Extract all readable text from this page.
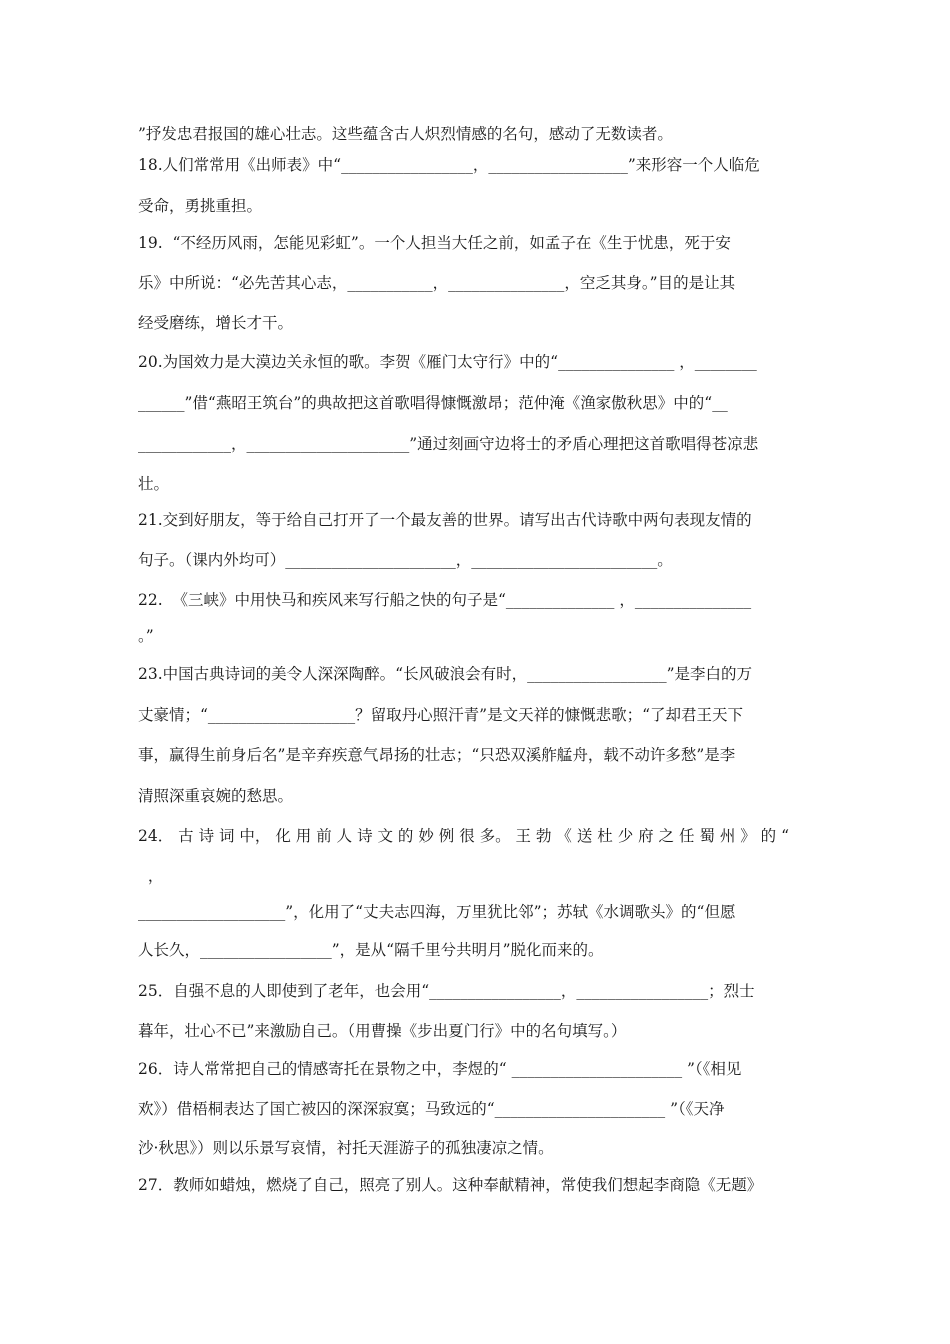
”抒发忠君报国的雄心壮志。这些蕴含古人炽烈情感的名句，感动了无数读者。
18.人们常常用《出师表》中“_________________，__________________”来形容一个人临危
受命，勇挑重担。
19.  “不经历风雨，怎能见彩虹”。一个人担当大任之前，如孟子在《生于忧患，死于安
乐》中所说：“必先苦其心志，___________，_______________，空乏其身。”目的是让其
经受磨练，增长才干。
20.为国效力是大漠边关永恒的歌。李贺《雁门太守行》中的“_______________ ，________
______”借“燕昭王筑台”的典故把这首歌唱得慷慨激昂；范仲淹《渔家傲秋思》中的“__
____________，_____________________”通过刻画守边将士的矛盾心理把这首歌唱得苍凉悲
壮。
21.交到好朋友，等于给自己打开了一个最友善的世界。请写出古代诗歌中两句表现友情的
句子。（课内外均可）______________________，________________________。
22.  《三峡》中用快马和疾风来写行船之快的句子是“______________ ，_______________
。”
23.中国古典诗词的美令人深深陶醉。“长风破浪会有时，__________________”是李白的万
丈豪情；“___________________？留取丹心照汗青”是文天祥的慷慨悲歌；“了却君王天下
事，赢得生前身后名”是辛弃疾意气昂扬的壮志；“只恐双溪舴艋舟，载不动许多愁”是李
清照深重哀婉的愁思。
24． 古 诗 词 中， 化 用 前 人 诗 文 的 妙 例 很 多。 王 勃 《 送 杜 少 府 之 任 蜀 州 》 的 “
，
___________________”，化用了“丈夫志四海，万里犹比邻”；苏轼《水调歌头》的“但愿
人长久，_________________”，是从“隔千里兮共明月”脱化而来的。
25．自强不息的人即使到了老年，也会用“_________________，_________________；烈士
暮年，壮心不已”来激励自己。（用曹操《步出夏门行》中的名句填写。）
26．诗人常常把自己的情感寄托在景物之中，李煜的“ ______________________ ”（《相见
欢》）借梧桐表达了国亡被囚的深深寂寞；马致远的“______________________ ”（《天净
沙·秋思》）则以乐景写哀情，衬托天涯游子的孤独凄凉之情。
27．教师如蜡烛，燃烧了自己，照亮了别人。这种奉献精神，常使我们想起李商隐《无题》
